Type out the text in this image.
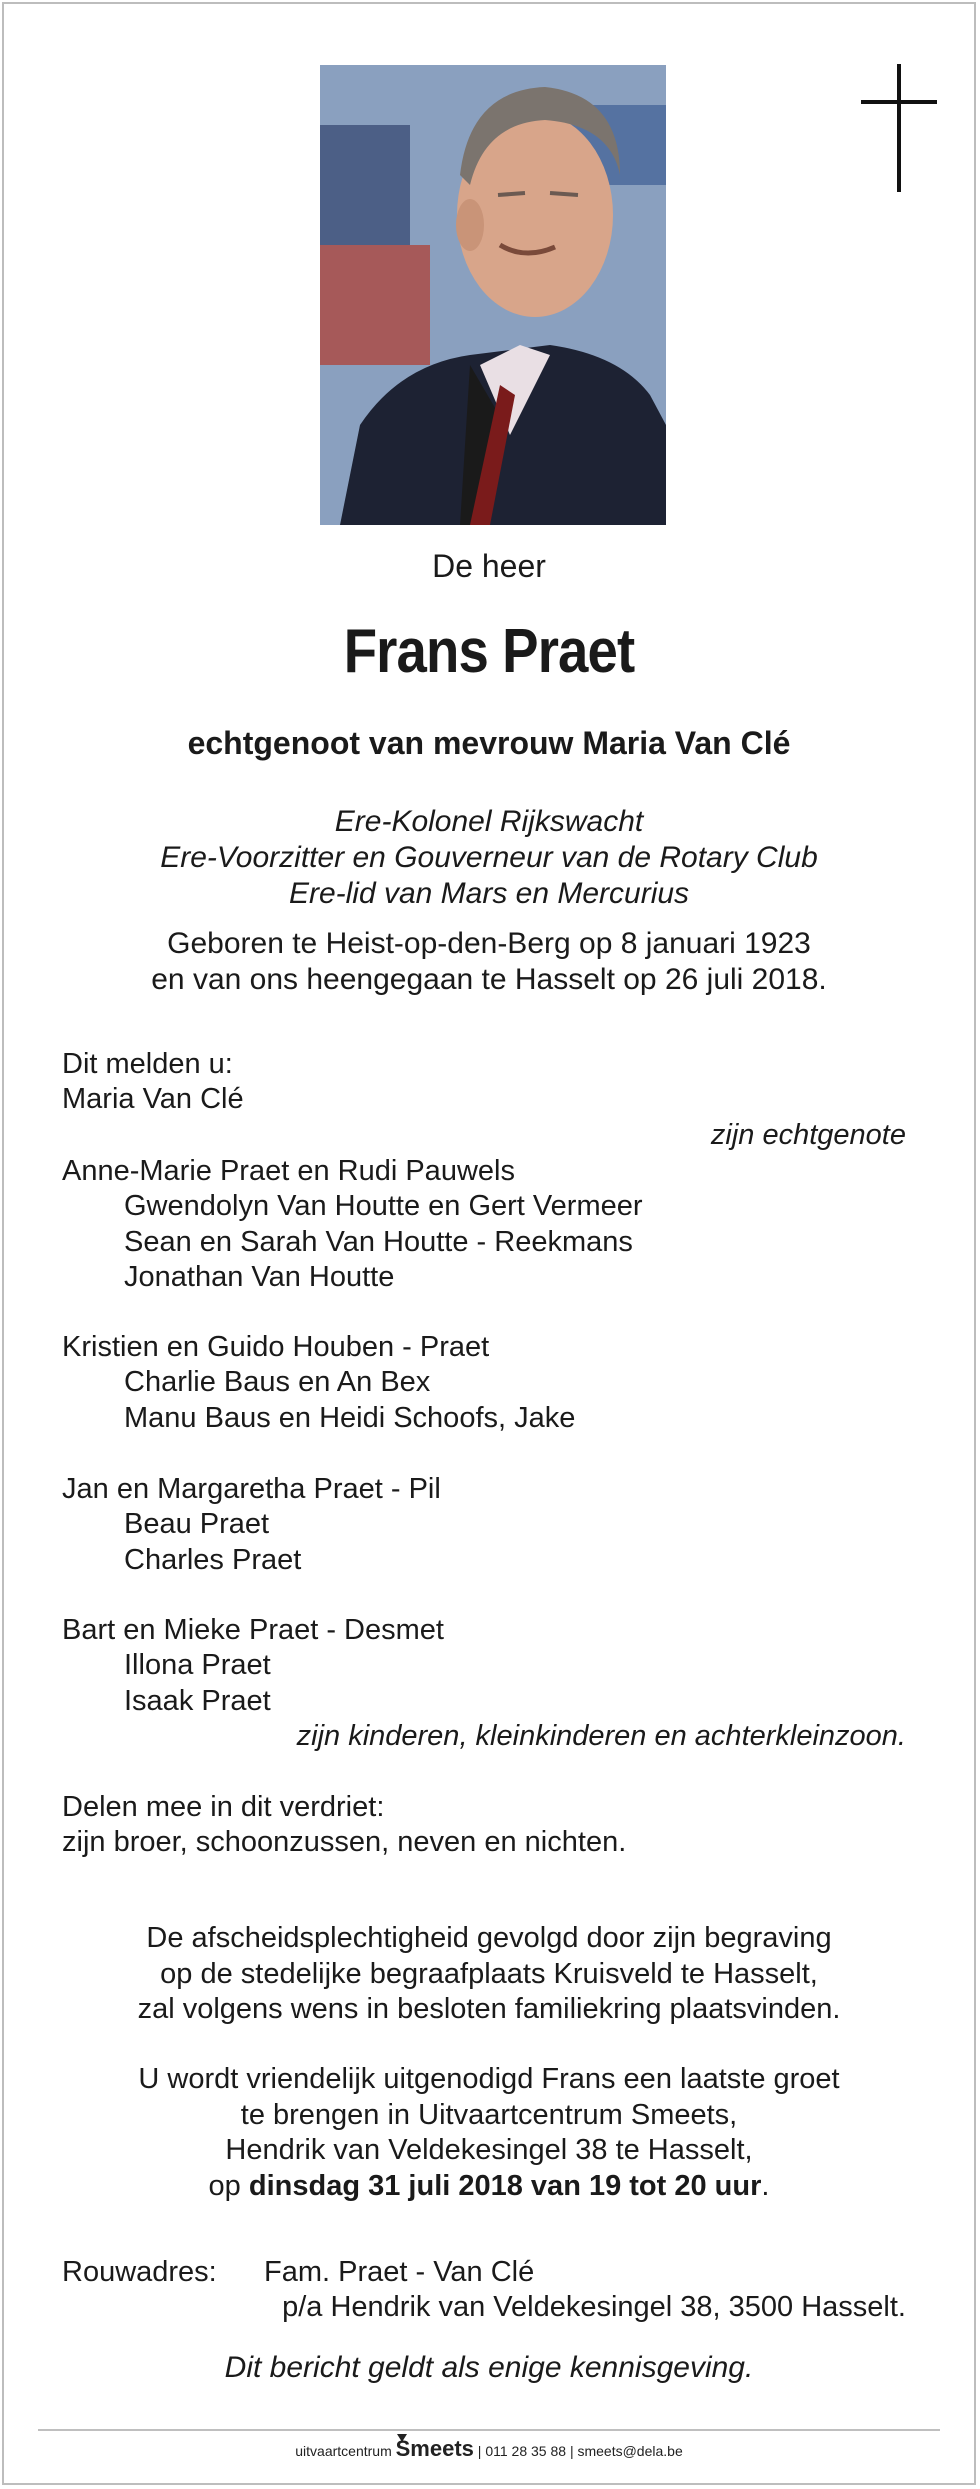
De heer
Frans Praet
echtgenoot van mevrouw Maria Van Clé
Ere-Kolonel Rijkswacht
Ere-Voorzitter en Gouverneur van de Rotary Club
Ere-lid van Mars en Mercurius
Geboren te Heist-op-den-Berg op 8 januari 1923
en van ons heengegaan te Hasselt op 26 juli 2018.
Dit melden u:
Maria Van Clé
zijn echtgenote
Anne-Marie Praet en Rudi Pauwels
Gwendolyn Van Houtte en Gert Vermeer
Sean en Sarah Van Houtte - Reekmans
Jonathan Van Houtte
Kristien en Guido Houben - Praet
Charlie Baus en An Bex
Manu Baus en Heidi Schoofs, Jake
Jan en Margaretha Praet - Pil
Beau Praet
Charles Praet
Bart en Mieke Praet - Desmet
Illona Praet
Isaak Praet
zijn kinderen, kleinkinderen en achterkleinzoon.
Delen mee in dit verdriet:
zijn broer, schoonzussen, neven en nichten.
De afscheidsplechtigheid gevolgd door zijn begraving
op de stedelijke begraafplaats Kruisveld te Hasselt,
zal volgens wens in besloten familiekring plaatsvinden.
U wordt vriendelijk uitgenodigd Frans een laatste groet
te brengen in Uitvaartcentrum Smeets,
Hendrik van Veldekesingel 38 te Hasselt,
op dinsdag 31 juli 2018 van 19 tot 20 uur.
Rouwadres: Fam. Praet - Van Clé
p/a Hendrik van Veldekesingel 38, 3500 Hasselt.
Dit bericht geldt als enige kennisgeving.
uitvaartcentrum Smeets | 011 28 35 88 | smeets@dela.be
